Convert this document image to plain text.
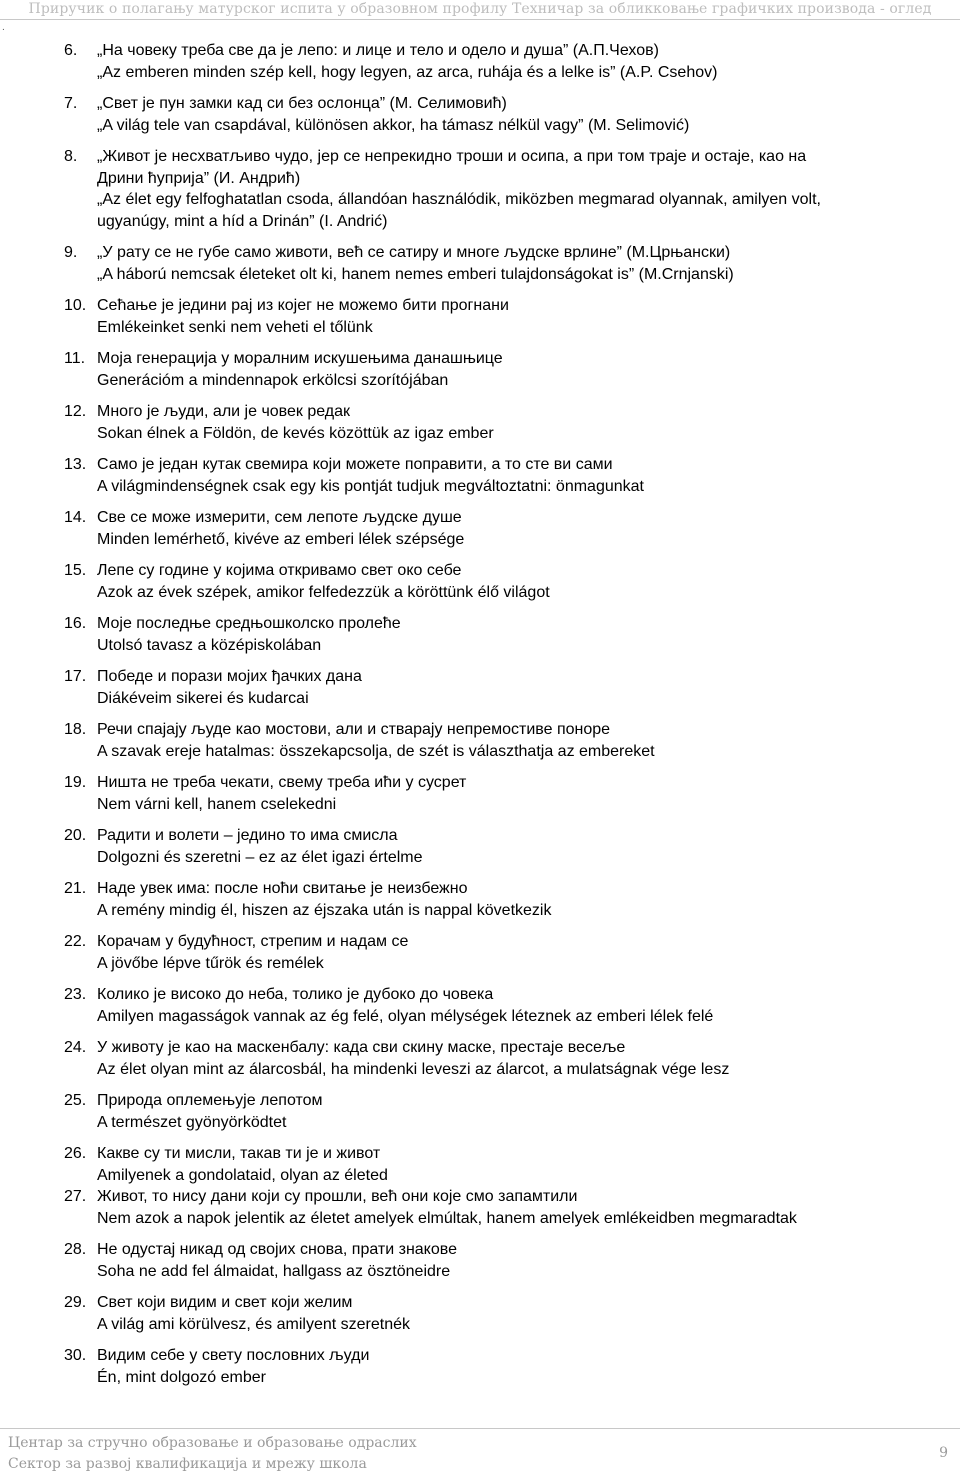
Приручик о полагању матурског испита у образовном профилу Техничар за обликковање графичких производа - оглед
.
6.	„На човеку треба све да је лепо: и лице и тело и одело и душа” (А.П.Чехов)
„Az emberen minden szép kell, hogy legyen, az arca, ruhája és a lelke is” (A.P. Csehov)
7.	„Свет је пун замки кад си без ослонца” (М. Селимовић)
„A világ tele van csapdával, különösen akkor, ha támasz nélkül vagy” (M. Selimović)
8.	„Живот је несхватљиво чудо, јер се непрекидно троши и осипа, а при том траје и остаје, као на
Дрини ћуприја” (И. Андрић)
„Az élet egy felfoghatatlan csoda, állandóan használódik, miközben megmarad olyannak, amilyen volt,
ugyanúgy, mint a híd a Drinán” (I. Andrić)
9.	„У рату се не губе само животи, већ се сатиру и многе људске врлине” (М.Црњански)
„A háború nemcsak életeket olt ki, hanem nemes emberi tulajdonságokat is” (M.Crnjanski)
10. Сећање је једини рај из којег не можемо бити прогнани
Emlékeinket senki nem veheti el tőlünk
11. Моја генерација у моралним искушењима данашњице
Generációm a mindennapok erkölcsi szorítójában
12. Много је људи, али је човек редак
Sokan élnek a Földön, de kevés közöttük az igaz ember
13. Само је један кутак свемира који можете поправити, а то сте ви сами
A világmindenségnek csak egy kis pontját tudjuk megváltoztatni: önmagunkat
14. Све се може измерити, сем лепоте људске душе
Minden lemérhető, kivéve az emberi lélek szépsége
15. Лепе су године у којима откривамо свет око себе
Azok az évek szépek, amikor felfedezzük a köröttünk élő világot
16. Моје последње средњошколско пролеће
Utolsó tavasz a középiskolában
17. Победе и порази мојих ђачких дана
Diákéveim sikerei és kudarcai
18. Речи спајају људе као мостови, али и стварају непремостиве поноре
A szavak ereje hatalmas: összekapcsolja, de szét is választhatja az embereket
19. Ништа не треба чекати, свему треба ићи у сусрет
Nem várni kell, hanem cselekedni
20. Радити и волети – једино то има смисла
Dolgozni és szeretni – ez az élet igazi értelme
21. Наде увек има: после ноћи свитање је неизбежно
A remény mindig él, hiszen az éjszaka után is nappal következik
22. Корачам у будућност, стрепим и надам се
A jövőbe lépve tűrök és remélek
23. Колико је високо до неба, толико је дубоко до човека
Amilyen magasságok vannak az ég felé, olyan mélységek léteznek az emberi lélek felé
24. У животу је као на маскенбалу: када сви скину маске, престаје весеље
Az élet olyan mint az álarcosbál, ha mindenki leveszi az álarcot, a mulatságnak vége lesz
25. Природа оплемењује лепотом
A természet gyönyörködtet
26. Какве су ти мисли, такав ти је и живот
Amilyenek a gondolataid, olyan az életed
27. Живот, то нису дани који су прошли, већ они које смо запамтили
Nem azok a napok jelentik az életet amelyek elmúltak, hanem amelyek emlékeidben megmaradtak
28. Не одустај никад од својих снова, прати знакове
Soha ne add fel álmaidat, hallgass az ösztöneidre
29. Свет који видим и свет који желим
A világ ami körülvesz, és amilyent szeretnék
30. Видим себе у свету пословних људи
Én, mint dolgozó ember
Центар за стручно образовање и образовање одраслих
Сектор за развој квалификација и мрежу школа
9
